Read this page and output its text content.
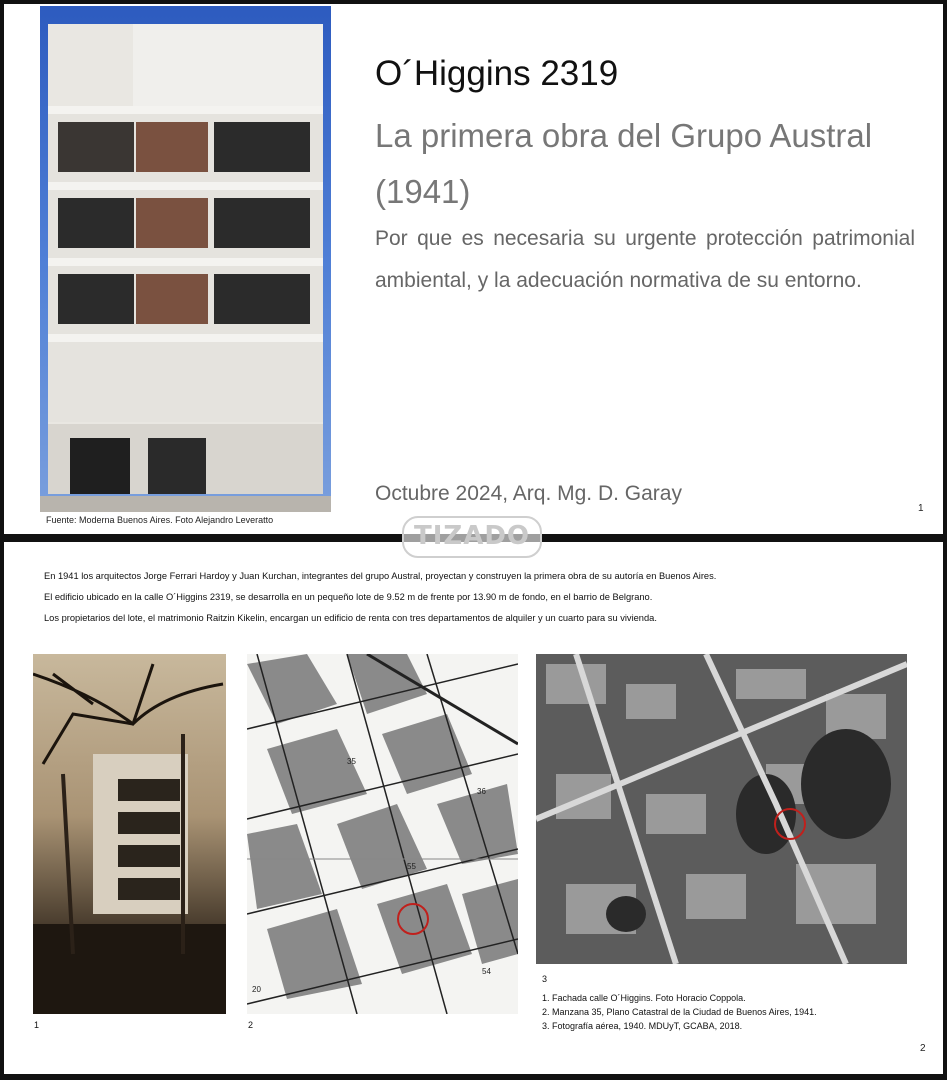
Fuente: Moderna Buenos Aires. Foto Alejandro Leveratto
O´Higgins 2319
La primera obra del Grupo Austral (1941)
Por que es necesaria su urgente protección patrimonial ambiental, y la adecuación normativa de su entorno.
Octubre 2024, Arq. Mg. D. Garay
1
TIZADO
En 1941 los arquitectos Jorge Ferrari Hardoy y Juan Kurchan, integrantes del grupo Austral, proyectan y construyen la primera obra de su autoría en Buenos Aires.
El edificio ubicado en la calle O´Higgins 2319, se desarrolla en un pequeño lote de 9.52 m de frente por 13.90 m de fondo, en el barrio de Belgrano.
Los propietarios del lote, el matrimonio Raitzin Kikelin, encargan un edificio de renta con tres departamentos de alquiler y un cuarto para su vivienda.
1
55
35
54
36
20
2
3
1. Fachada calle O´Higgins. Foto Horacio Coppola.
2. Manzana 35, Plano Catastral de la Ciudad de Buenos Aires, 1941.
3. Fotografía aérea, 1940. MDUyT, GCABA, 2018.
2
